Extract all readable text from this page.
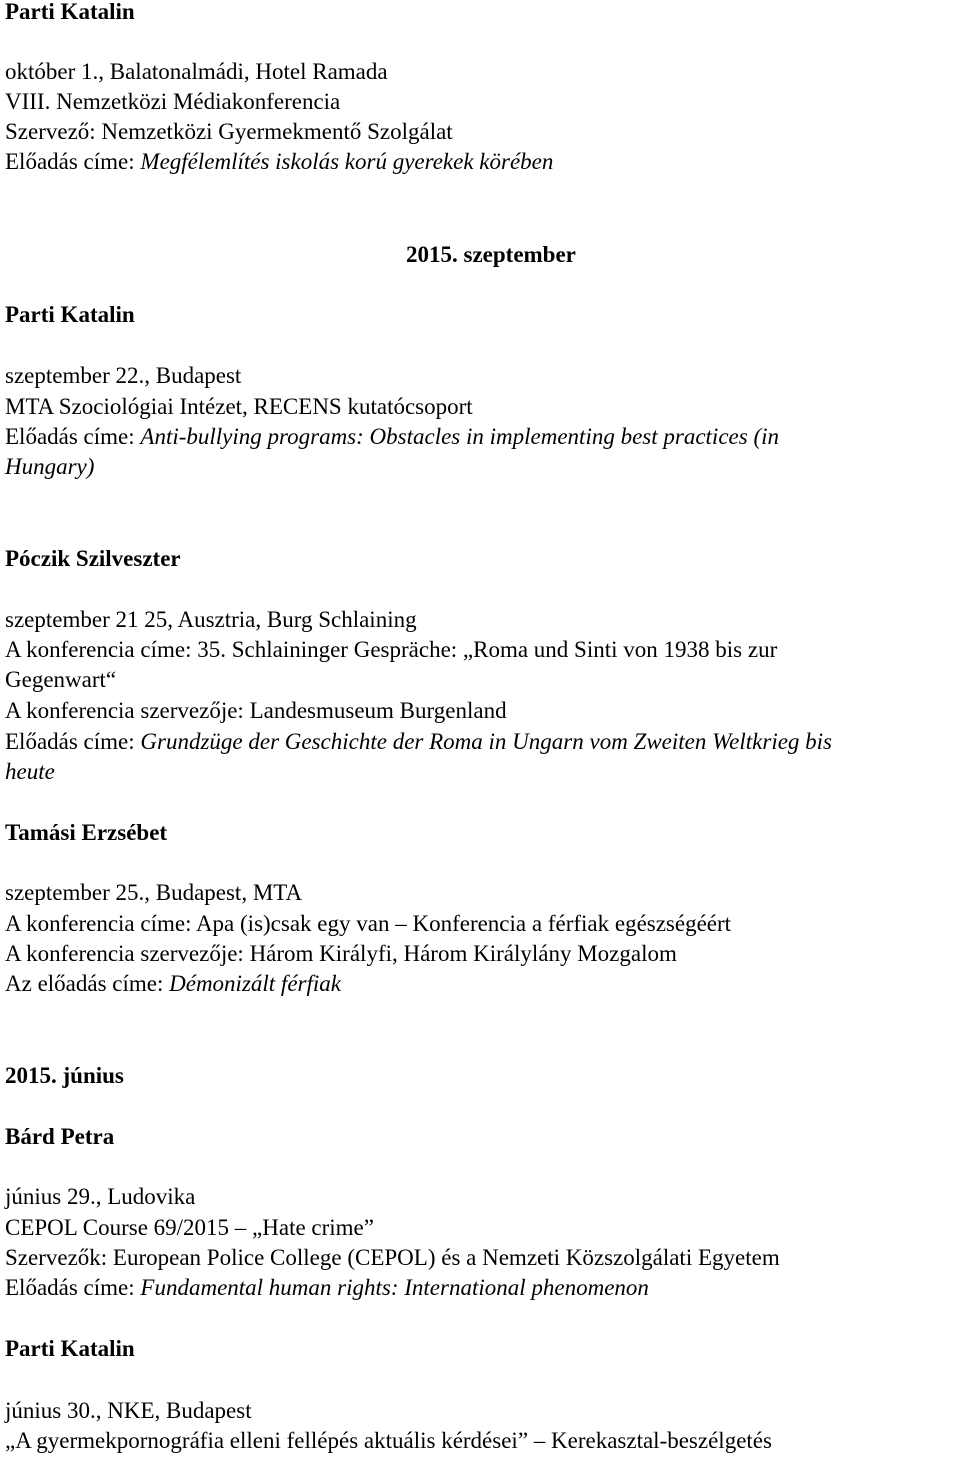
Parti Katalin
október 1., Balatonalmádi, Hotel Ramada
VIII. Nemzetközi Médiakonferencia
Szervező: Nemzetközi Gyermekmentő Szolgálat
Előadás címe: Megfélemlítés iskolás korú gyerekek körében
2015. szeptember
Parti Katalin
szeptember 22., Budapest
MTA Szociológiai Intézet, RECENS kutatócsoport
Előadás címe: Anti-bullying programs: Obstacles in implementing best practices (in
Hungary)
Póczik Szilveszter
szeptember 21 25, Ausztria, Burg Schlaining
A konferencia címe: 35. Schlaininger Gespräche: „Roma und Sinti von 1938 bis zur
Gegenwart“
A konferencia szervezője: Landesmuseum Burgenland
Előadás címe: Grundzüge der Geschichte der Roma in Ungarn vom Zweiten Weltkrieg bis
heute
Tamási Erzsébet
szeptember 25., Budapest, MTA
A konferencia címe: Apa (is)csak egy van – Konferencia a férfiak egészségéért
A konferencia szervezője: Három Királyfi, Három Királylány Mozgalom
Az előadás címe: Démonizált férfiak
2015. június
Bárd Petra
június 29., Ludovika
CEPOL Course 69/2015 – „Hate crime”
Szervezők: European Police College (CEPOL) és a Nemzeti Közszolgálati Egyetem
Előadás címe: Fundamental human rights: International phenomenon
Parti Katalin
június 30., NKE, Budapest
„A gyermekpornográfia elleni fellépés aktuális kérdései” – Kerekasztal-beszélgetés
